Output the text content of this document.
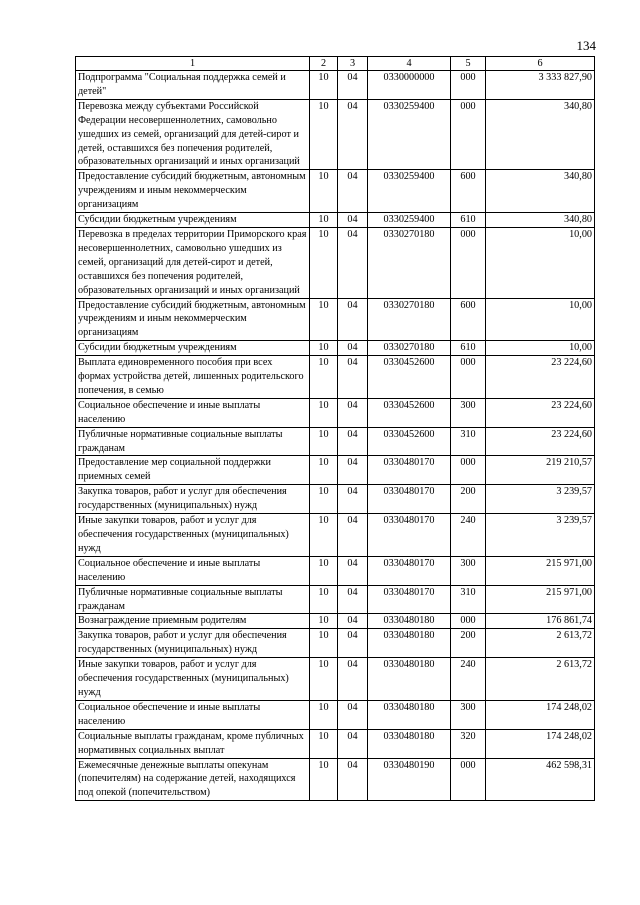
134
1	2	3	4	5	6
Подпрограмма "Социальная поддержка семей и детей"	10	04	0330000000	000	3 333 827,90
Перевозка между субъектами Российской Федерации несовершеннолетних, самовольно ушедших из семей, организаций для детей-сирот и детей, оставшихся без попечения родителей, образовательных организаций и иных организаций	10	04	0330259400	000	340,80
Предоставление субсидий бюджетным, автономным учреждениям и иным некоммерческим организациям	10	04	0330259400	600	340,80
Субсидии бюджетным учреждениям	10	04	0330259400	610	340,80
Перевозка в пределах территории Приморского края несовершеннолетних, самовольно ушедших из семей, организаций для детей-сирот и детей, оставшихся без попечения родителей, образовательных организаций и иных организаций	10	04	0330270180	000	10,00
Предоставление субсидий бюджетным, автономным учреждениям и иным некоммерческим организациям	10	04	0330270180	600	10,00
Субсидии бюджетным учреждениям	10	04	0330270180	610	10,00
Выплата единовременного пособия при всех формах устройства детей, лишенных родительского попечения, в семью	10	04	0330452600	000	23 224,60
Социальное обеспечение и иные выплаты населению	10	04	0330452600	300	23 224,60
Публичные нормативные социальные выплаты гражданам	10	04	0330452600	310	23 224,60
Предоставление мер социальной поддержки приемных семей	10	04	0330480170	000	219 210,57
Закупка товаров, работ и услуг для обеспечения государственных (муниципальных) нужд	10	04	0330480170	200	3 239,57
Иные закупки товаров, работ и услуг для обеспечения государственных (муниципальных) нужд	10	04	0330480170	240	3 239,57
Социальное обеспечение и иные выплаты населению	10	04	0330480170	300	215 971,00
Публичные нормативные социальные выплаты гражданам	10	04	0330480170	310	215 971,00
Вознаграждение приемным родителям	10	04	0330480180	000	176 861,74
Закупка товаров, работ и услуг для обеспечения государственных (муниципальных) нужд	10	04	0330480180	200	2 613,72
Иные закупки товаров, работ и услуг для обеспечения государственных (муниципальных) нужд	10	04	0330480180	240	2 613,72
Социальное обеспечение и иные выплаты населению	10	04	0330480180	300	174 248,02
Социальные выплаты гражданам, кроме публичных нормативных социальных выплат	10	04	0330480180	320	174 248,02
Ежемесячные денежные выплаты опекунам (попечителям) на содержание детей, находящихся под опекой (попечительством)	10	04	0330480190	000	462 598,31
